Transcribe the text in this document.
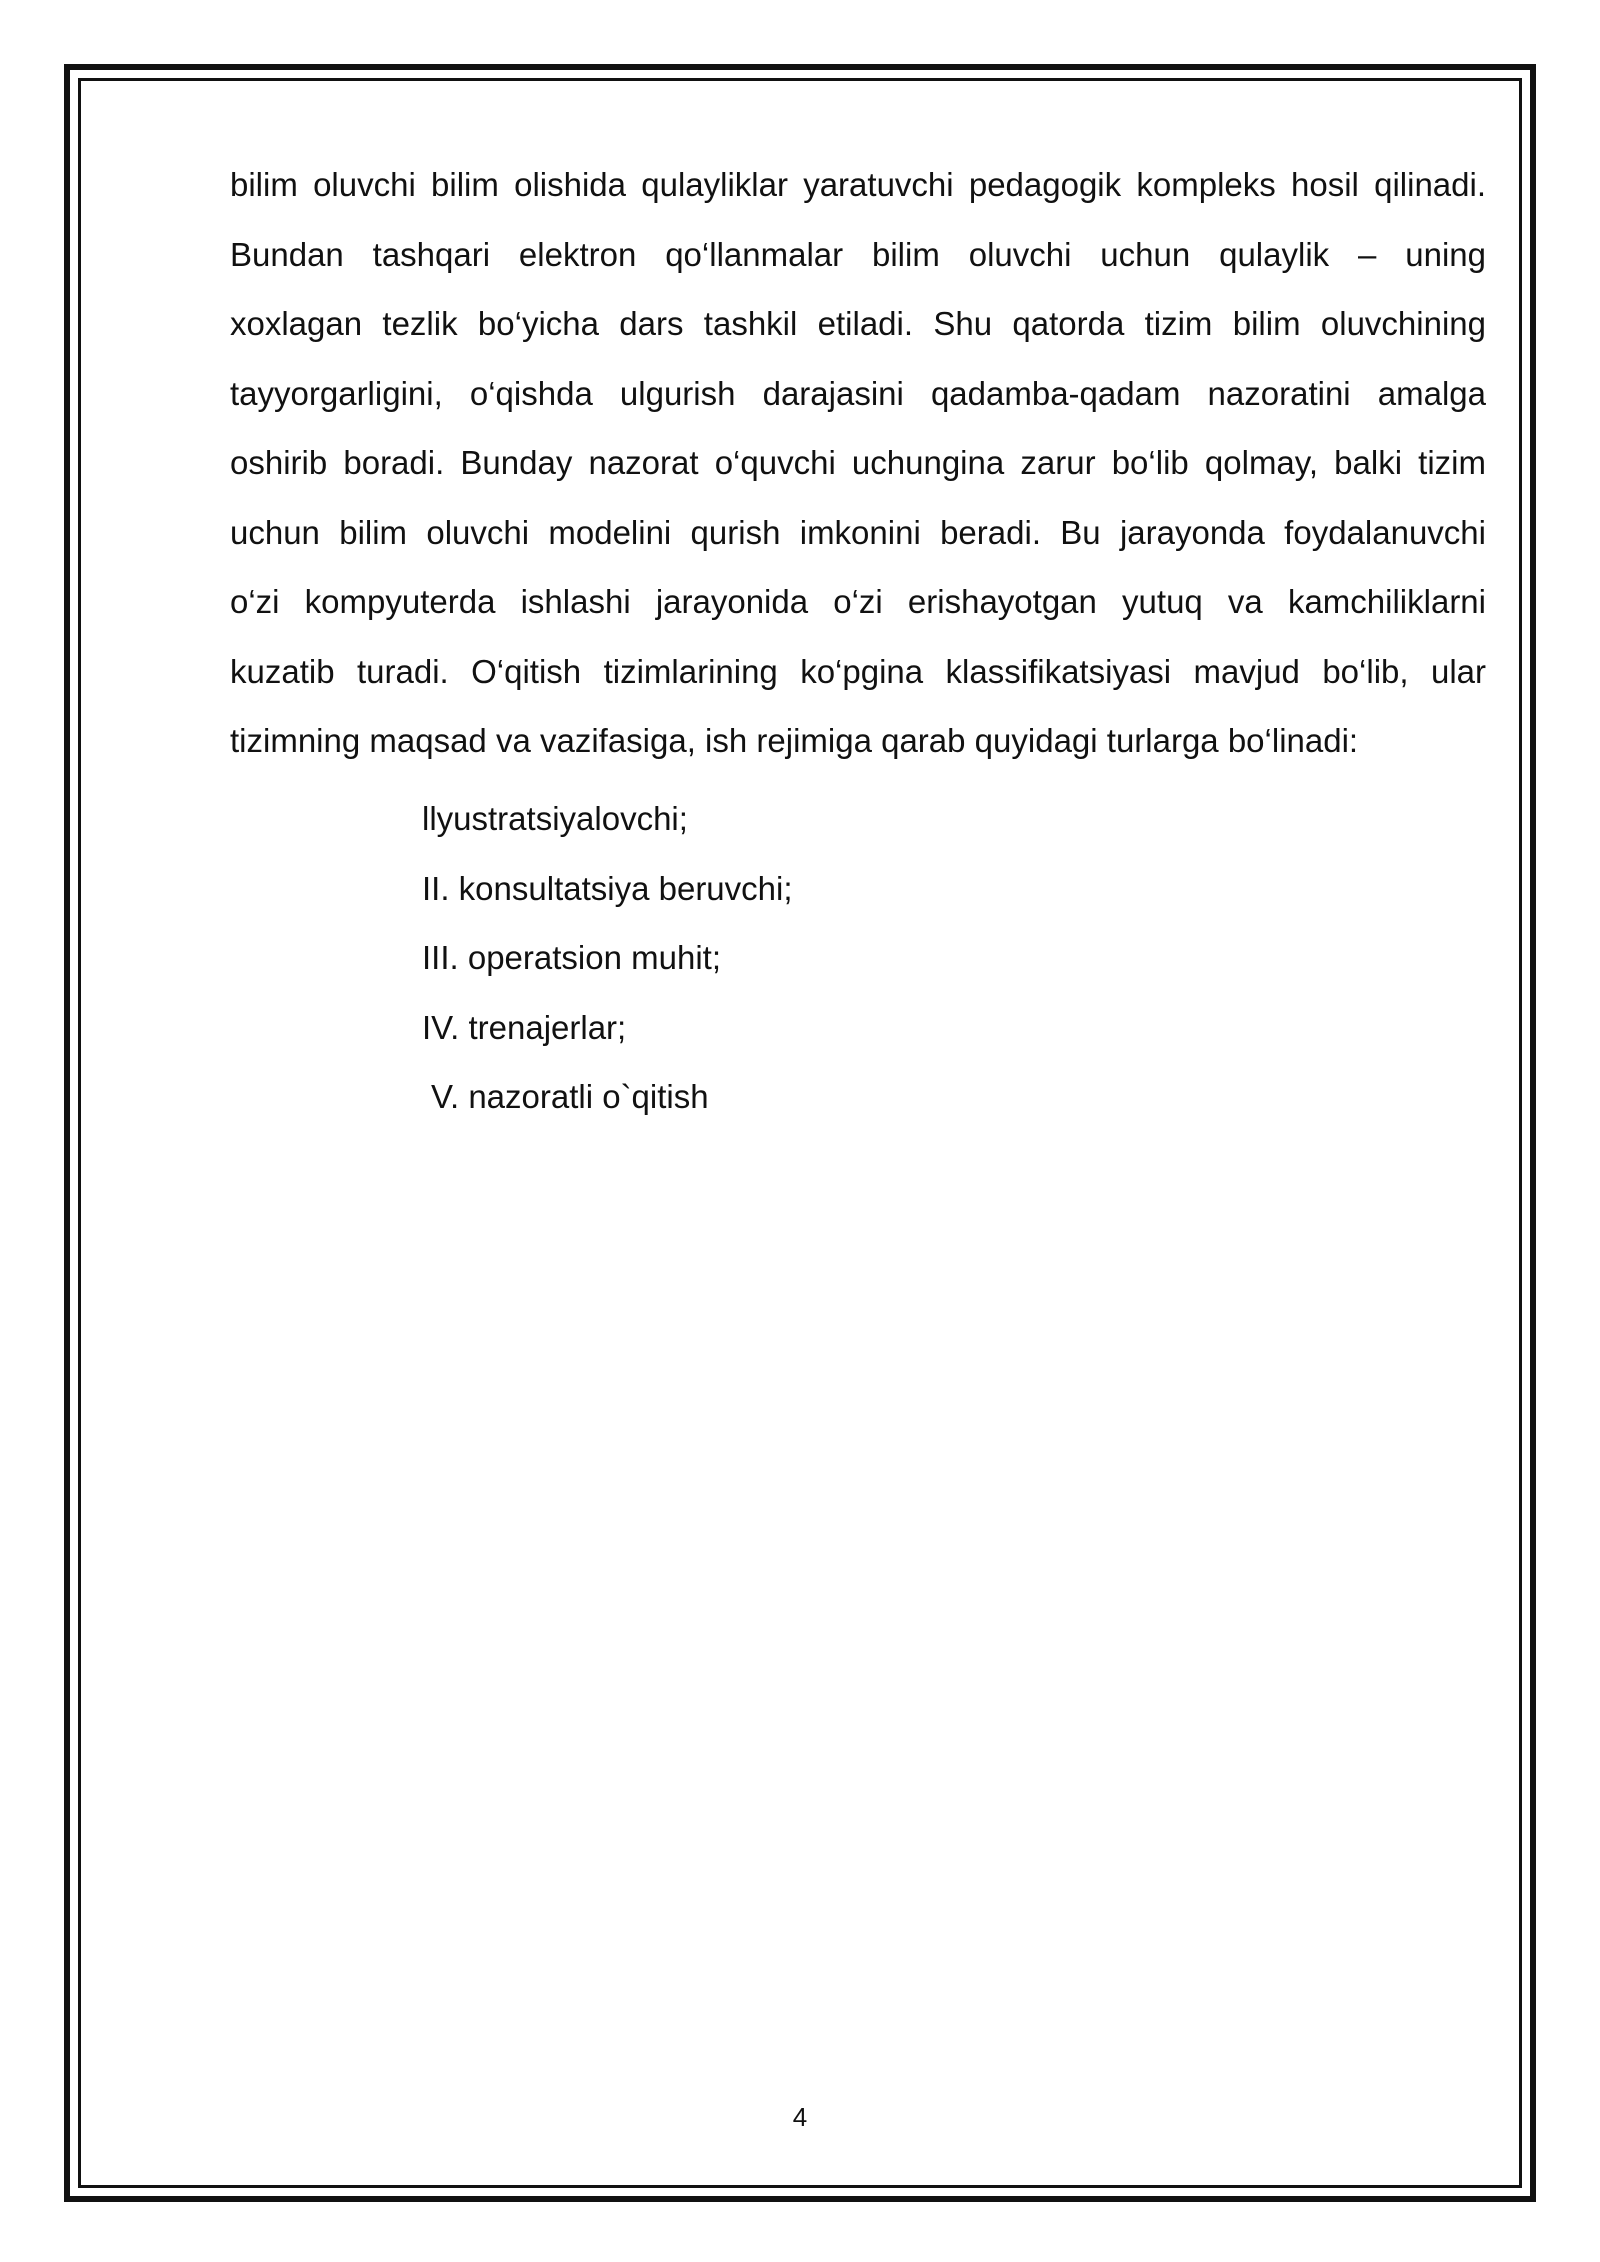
bilim oluvchi bilim olishida qulayliklar yaratuvchi pedagogik kompleks hosil qilinadi.
Bundan tashqari elektron qo‘llanmalar bilim oluvchi uchun qulaylik – uning
xoxlagan tezlik bo‘yicha dars tashkil etiladi. Shu qatorda tizim bilim oluvchining
tayyorgarligini, o‘qishda ulgurish darajasini qadamba-qadam nazoratini amalga
oshirib boradi. Bunday nazorat o‘quvchi uchungina zarur bo‘lib qolmay, balki tizim
uchun bilim oluvchi modelini qurish imkonini beradi. Bu jarayonda foydalanuvchi
o‘zi kompyuterda ishlashi jarayonida o‘zi erishayotgan yutuq va kamchiliklarni
kuzatib turadi. O‘qitish tizimlarining ko‘pgina klassifikatsiyasi mavjud bo‘lib, ular
tizimning maqsad va vazifasiga, ish rejimiga qarab quyidagi turlarga bo‘linadi:
llyustratsiyalovchi;
II. konsultatsiya beruvchi;
III. operatsion muhit;
IV. trenajerlar;
V. nazoratli o`qitish
4
